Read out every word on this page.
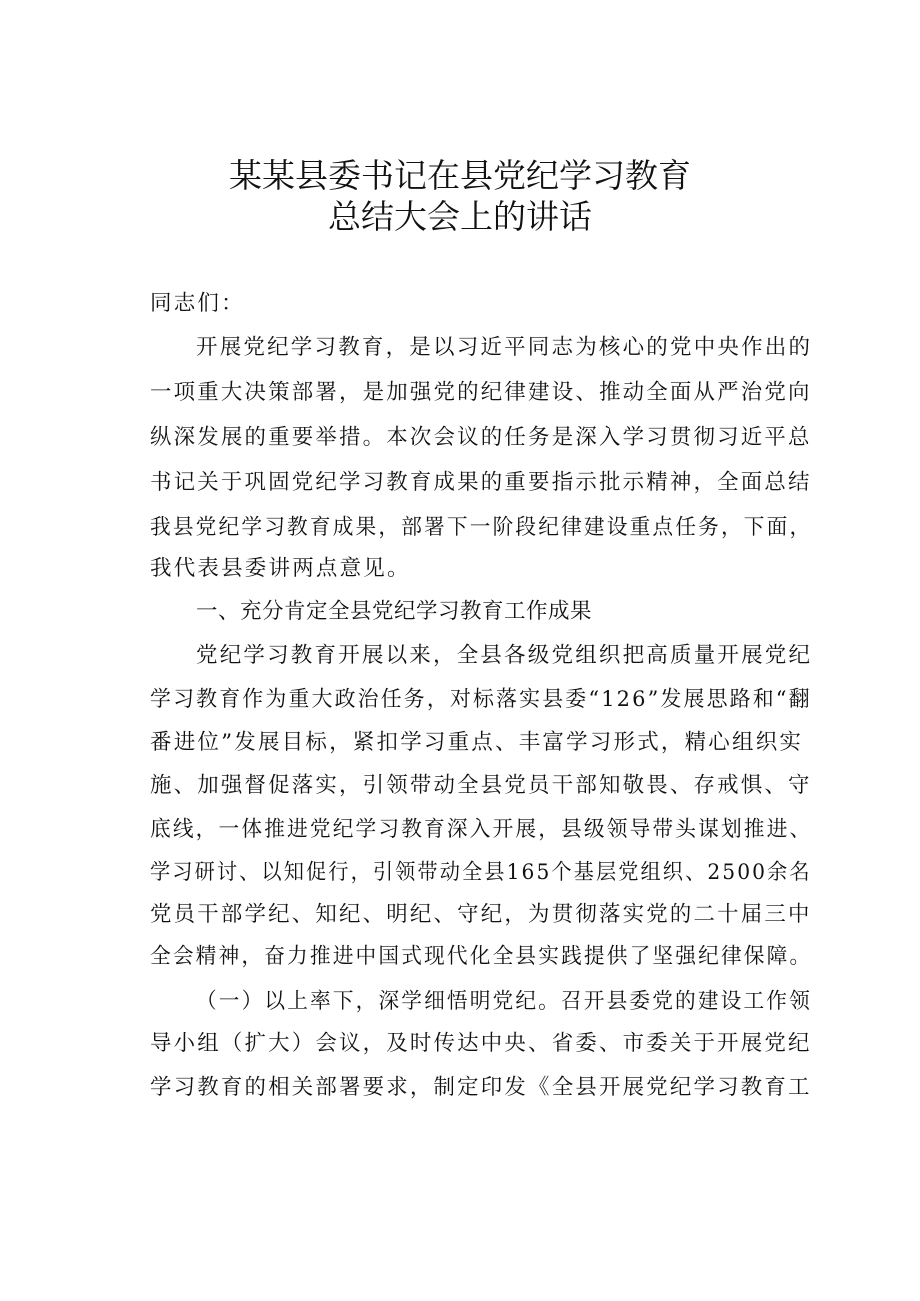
某某县委书记在县党纪学习教育
总结大会上的讲话
同志们：
开展党纪学习教育，是以习近平同志为核心的党中央作出的
一项重大决策部署，是加强党的纪律建设、推动全面从严治党向
纵深发展的重要举措。本次会议的任务是深入学习贯彻习近平总
书记关于巩固党纪学习教育成果的重要指示批示精神，全面总结
我县党纪学习教育成果，部署下一阶段纪律建设重点任务，下面，
我代表县委讲两点意见。
一、充分肯定全县党纪学习教育工作成果
党纪学习教育开展以来，全县各级党组织把高质量开展党纪
学习教育作为重大政治任务，对标落实县委“126”发展思路和“翻
番进位”发展目标，紧扣学习重点、丰富学习形式，精心组织实
施、加强督促落实，引领带动全县党员干部知敬畏、存戒惧、守
底线，一体推进党纪学习教育深入开展，县级领导带头谋划推进、
学习研讨、以知促行，引领带动全县165个基层党组织、2500余名
党员干部学纪、知纪、明纪、守纪，为贯彻落实党的二十届三中
全会精神，奋力推进中国式现代化全县实践提供了坚强纪律保障。
（一）以上率下，深学细悟明党纪。召开县委党的建设工作领
导小组（扩大）会议，及时传达中央、省委、市委关于开展党纪
学习教育的相关部署要求，制定印发《全县开展党纪学习教育工
